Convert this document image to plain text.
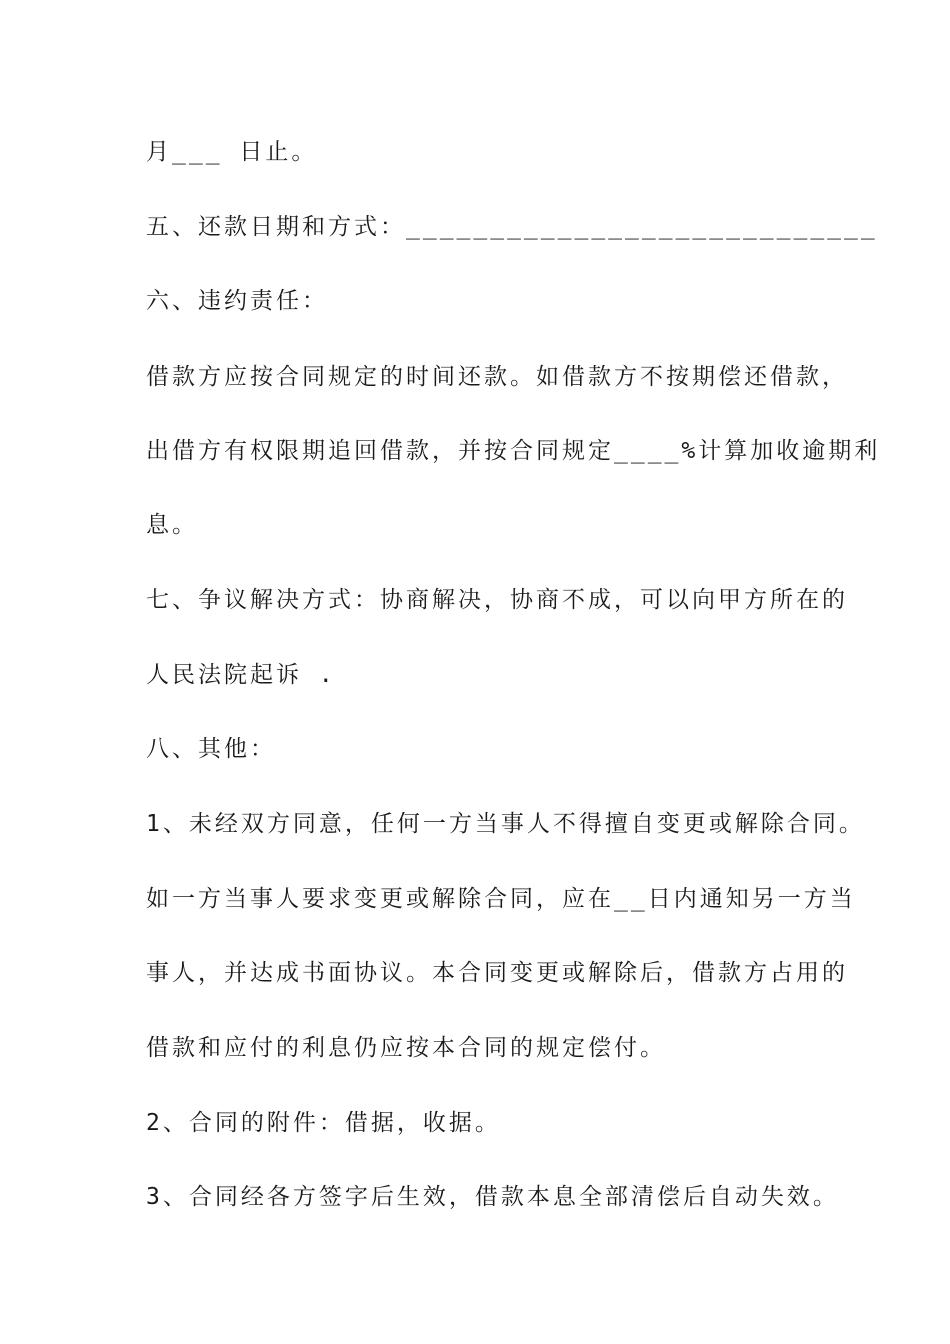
月___ 日止。
五、还款日期和方式：____________________________
六、违约责任：
借款方应按合同规定的时间还款。如借款方不按期偿还借款，
出借方有权限期追回借款，并按合同规定____%计算加收逾期利
息。
七、争议解决方式：协商解决，协商不成，可以向甲方所在的
人民法院起诉 .
八、其他：
1、未经双方同意，任何一方当事人不得擅自变更或解除合同。
如一方当事人要求变更或解除合同，应在__日内通知另一方当
事人，并达成书面协议。本合同变更或解除后，借款方占用的
借款和应付的利息仍应按本合同的规定偿付。
2、合同的附件：借据，收据。
3、合同经各方签字后生效，借款本息全部清偿后自动失效。
